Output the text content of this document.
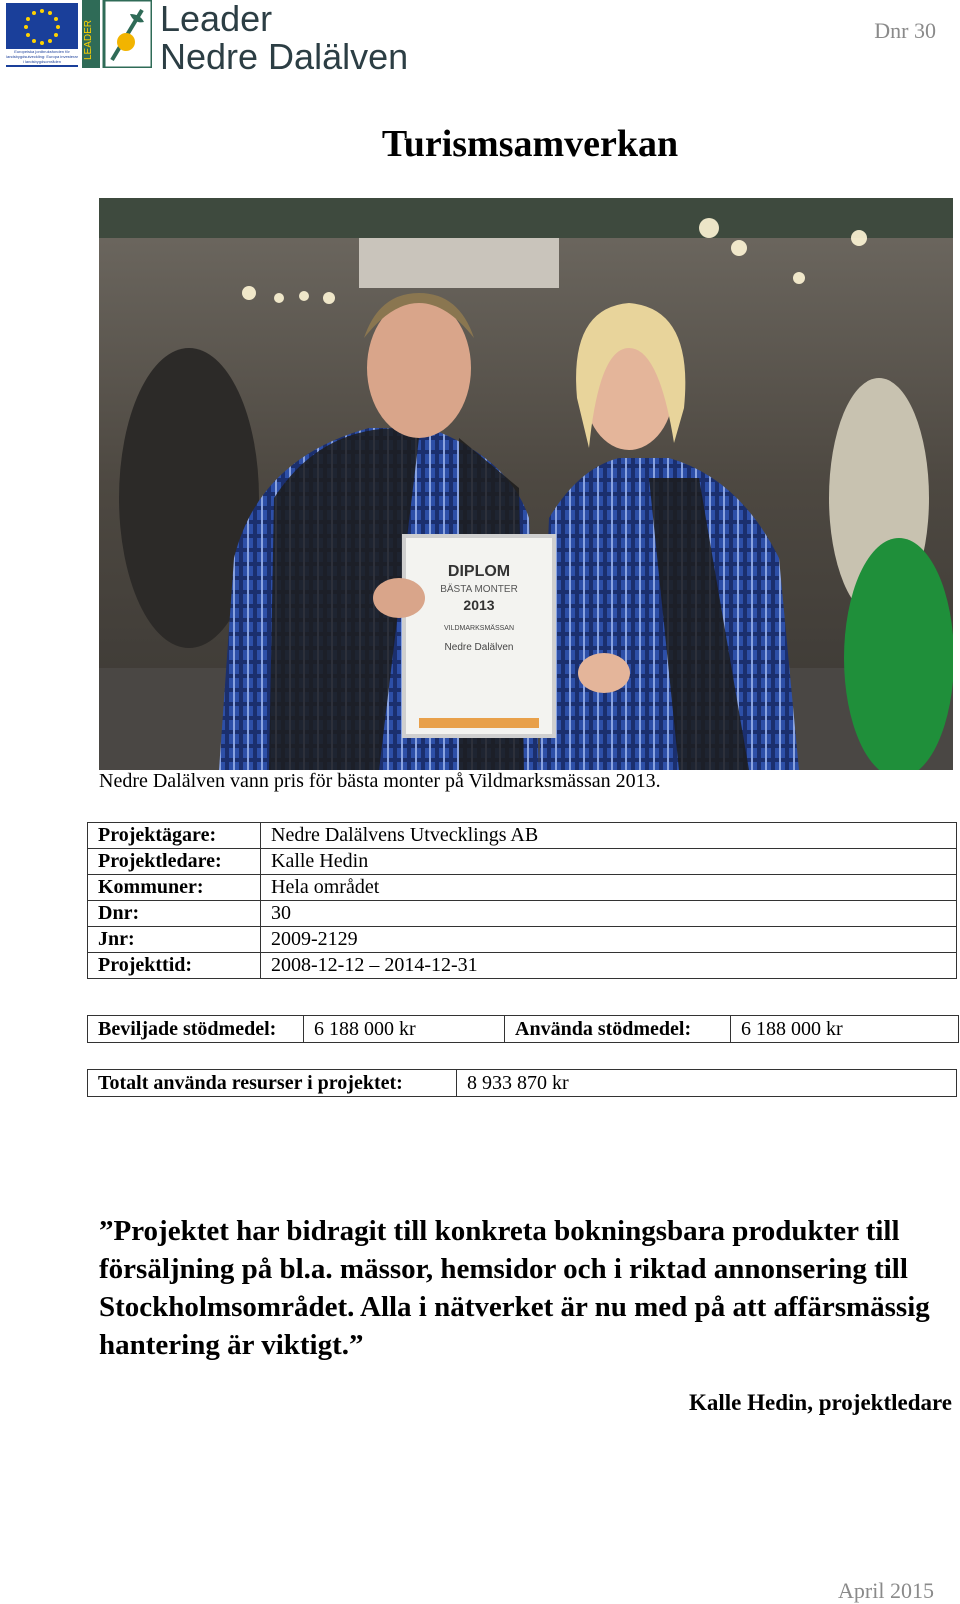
Europeiska jordbruksfonden för landsbygdsutveckling: Europa investerar i landsbygdsområden
LEADER
Leader
Nedre Dalälven
Dnr 30
Turismsamverkan
DIPLOM
BÄSTA MONTER
2013
VILDMARKSMÄSSAN
Nedre Dalälven
Nedre Dalälven vann pris för bästa monter på Vildmarksmässan 2013.
Projektägare:	Nedre Dalälvens Utvecklings AB
Projektledare:	Kalle Hedin
Kommuner:	Hela området
Dnr:	30
Jnr:	2009-2129
Projekttid:	2008-12-12 – 2014-12-31
Beviljade stödmedel:	6 188 000 kr	Använda stödmedel:	6 188 000 kr
Totalt använda resurser i projektet:	8 933 870 kr
”Projektet har bidragit till konkreta bokningsbara produkter till försäljning på bl.a. mässor, hemsidor och i riktad annonsering till Stockholmsområdet. Alla i nätverket är nu med på att affärsmässig hantering är viktigt.”
Kalle Hedin, projektledare
April 2015
